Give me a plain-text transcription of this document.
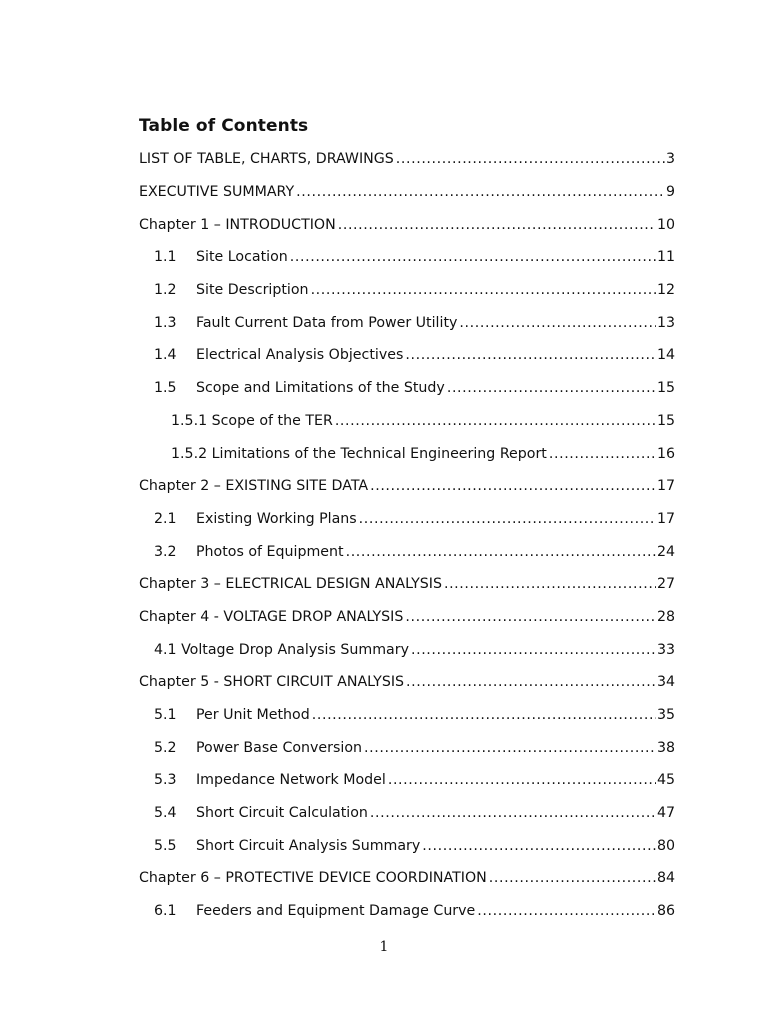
Table of Contents
LIST OF TABLE, CHARTS, DRAWINGS .....	3
EXECUTIVE SUMMARY .....	9
Chapter 1 – INTRODUCTION .....	10
1.1	Site Location .....	11
1.2	Site Description .....	12
1.3	Fault Current Data from Power Utility .....	13
1.4	Electrical Analysis Objectives .....	14
1.5	Scope and Limitations of the Study .....	15
1.5.1 Scope of the TER .....	15
1.5.2 Limitations of the Technical Engineering Report .....	16
Chapter 2 – EXISTING SITE DATA .....	17
2.1	Existing Working Plans .....	17
3.2	Photos of Equipment .....	24
Chapter 3 – ELECTRICAL DESIGN ANALYSIS .....	27
Chapter 4 - VOLTAGE DROP ANALYSIS .....	28
4.1 Voltage Drop Analysis Summary .....	33
Chapter 5 - SHORT CIRCUIT ANALYSIS .....	34
5.1	Per Unit Method .....	35
5.2	Power Base Conversion .....	38
5.3	Impedance Network Model .....	45
5.4	Short Circuit Calculation .....	47
5.5	Short Circuit Analysis Summary .....	80
Chapter 6 – PROTECTIVE DEVICE COORDINATION .....	84
6.1	Feeders and Equipment Damage Curve .....	86
1
